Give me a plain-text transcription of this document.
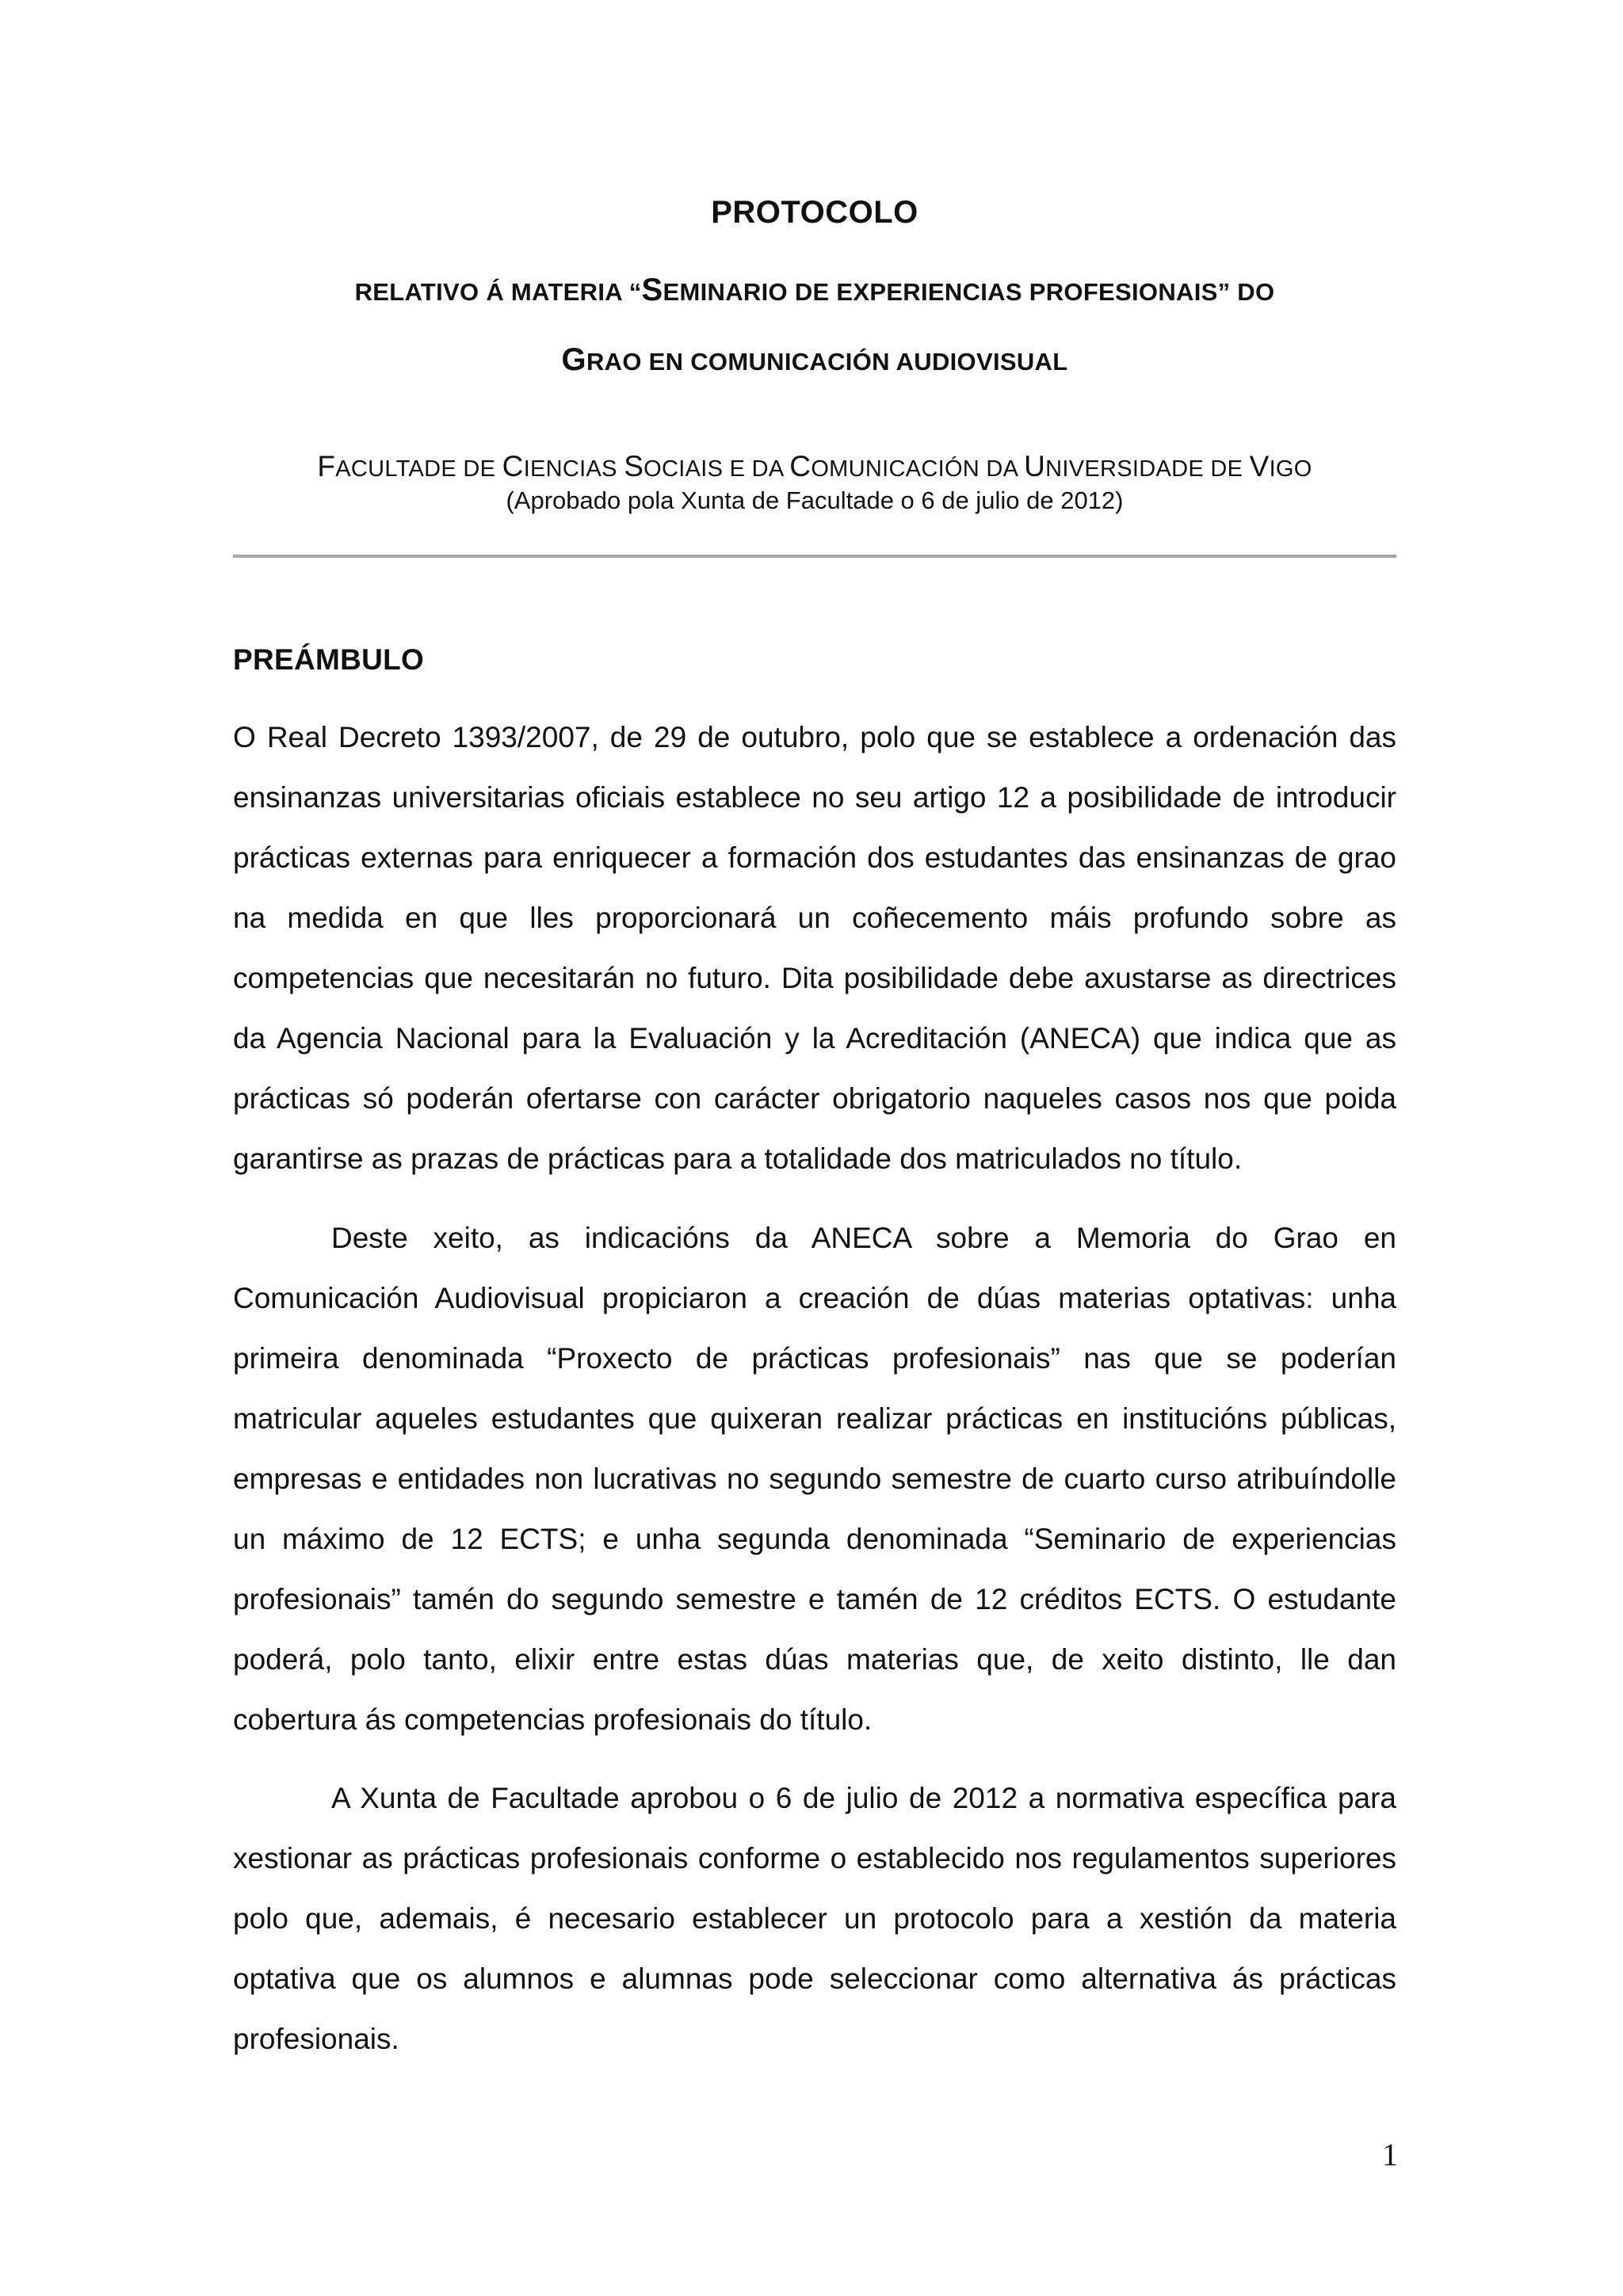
PROTOCOLO
RELATIVO Á MATERIA “SEMINARIO DE EXPERIENCIAS PROFESIONAIS” DO
GRAO EN COMUNICACIÓN AUDIOVISUAL
FACULTADE DE CIENCIAS SOCIAIS E DA COMUNICACIÓN DA UNIVERSIDADE DE VIGO
(Aprobado pola Xunta de Facultade o 6 de julio de 2012)
PREÁMBULO

O Real Decreto 1393/2007, de 29 de outubro, polo que se establece a ordenación das ensinanzas universitarias oficiais establece no seu artigo 12 a posibilidade de introducir prácticas externas para enriquecer a formación dos estudantes das ensinanzas de grao na medida en que lles proporcionará un coñecemento máis profundo sobre as competencias que necesitarán no futuro. Dita posibilidade debe axustarse as directrices da Agencia Nacional para la Evaluación y la Acreditación (ANECA) que indica que as prácticas só poderán ofertarse con carácter obrigatorio naqueles casos nos que poida garantirse as prazas de prácticas para a totalidade dos matriculados no título.

Deste xeito, as indicacións da ANECA sobre a Memoria do Grao en Comunicación Audiovisual propiciaron a creación de dúas materias optativas: unha primeira denominada “Proxecto de prácticas profesionais” nas que se poderían matricular aqueles estudantes que quixeran realizar prácticas en institucións públicas, empresas e entidades non lucrativas no segundo semestre de cuarto curso atribuíndolle un máximo de 12 ECTS; e unha segunda denominada “Seminario de experiencias profesionais” tamén do segundo semestre e tamén de 12 créditos ECTS. O estudante poderá, polo tanto, elixir entre estas dúas materias que, de xeito distinto, lle dan cobertura ás competencias profesionais do título.

A Xunta de Facultade aprobou o 6 de julio de 2012 a normativa específica para xestionar as prácticas profesionais conforme o establecido nos regulamentos superiores polo que, ademais, é necesario establecer un protocolo para a xestión da materia optativa que os alumnos e alumnas pode seleccionar como alternativa ás prácticas profesionais.

1
